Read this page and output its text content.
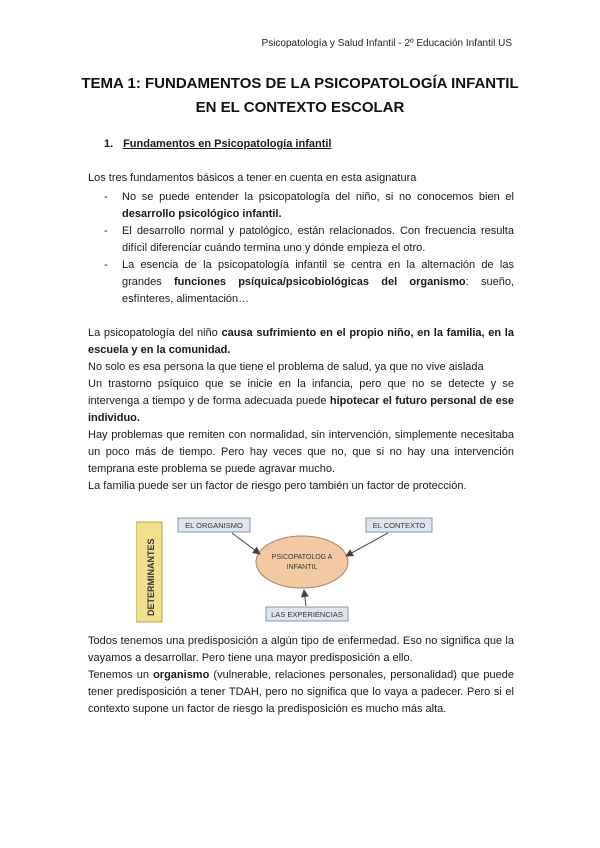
Psicopatología y Salud Infantil - 2º Educación Infantil US
TEMA 1: FUNDAMENTOS DE LA PSICOPATOLOGÍA INFANTIL
EN EL CONTEXTO ESCOLAR
1. Fundamentos en Psicopatología infantil

Los tres fundamentos básicos a tener en cuenta en esta asignatura

- No se puede entender la psicopatología del niño, si no conocemos bien el desarrollo psicológico infantil.
- El desarrollo normal y patológico, están relacionados. Con frecuencia resulta difícil diferenciar cuándo termina uno y dónde empieza el otro.
- La esencia de la psicopatología infantil se centra en la alternación de las grandes funciones psíquica/psicobiológicas del organismo: sueño, esfínteres, alimentación…

La psicopatología del niño causa sufrimiento en el propio niño, en la familia, en la escuela y en la comunidad.

No solo es esa persona la que tiene el problema de salud, ya que no vive aislada

Un trastorno psíquico que se inicie en la infancia, pero que no se detecte y se intervenga a tiempo y de forma adecuada puede hipotecar el futuro personal de ese individuo.

Hay problemas que remiten con normalidad, sin intervención, simplemente necesitaba un poco más de tiempo. Pero hay veces que no, que si no hay una intervención temprana este problema se puede agravar mucho.

La familia puede ser un factor de riesgo pero también un factor de protección.

DETERMINANTES
EL ORGANISMO	EL CONTEXTO
PSICOPATOLOG A
INFANTIL
LAS EXPERIENCIAS

Todos tenemos una predisposición a algún tipo de enfermedad. Eso no significa que la vayamos a desarrollar. Pero tiene una mayor predisposición a ello.

Tenemos un organismo (vulnerable, relaciones personales, personalidad) que puede tener predisposición a tener TDAH, pero no significa que lo vaya a padecer. Pero si el contexto supone un factor de riesgo la predisposición es mucho más alta.
